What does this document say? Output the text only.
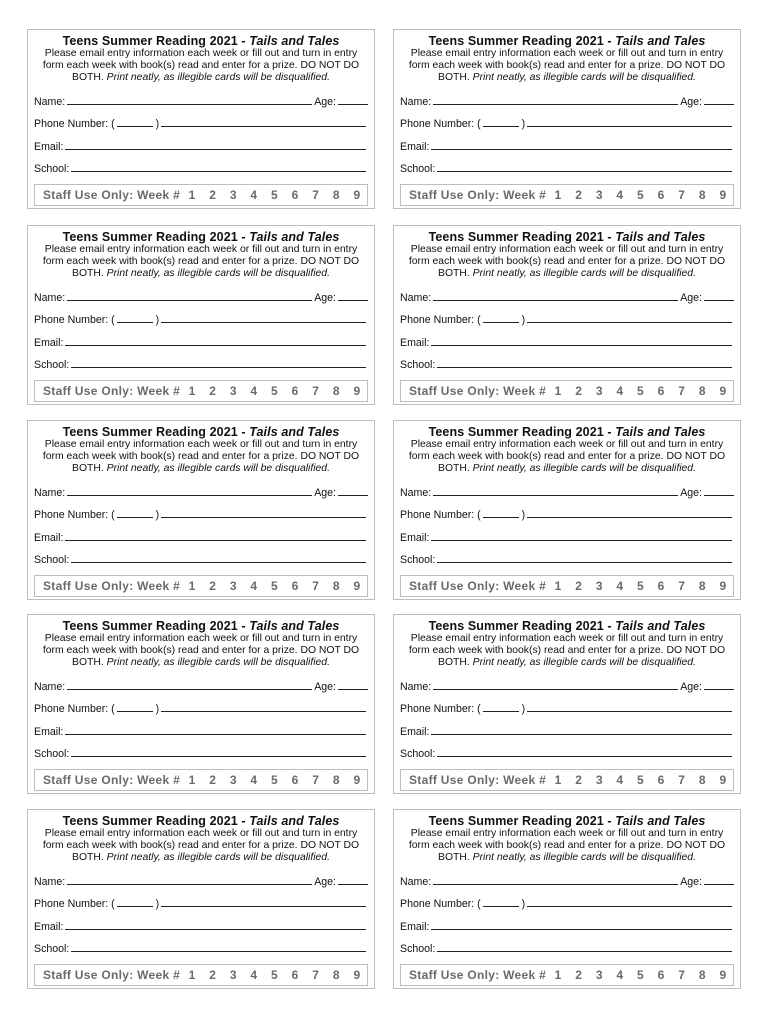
Teens Summer Reading 2021 - Tails and Tales
Please email entry information each week or fill out and turn in entry form each week with book(s) read and enter for a prize. DO NOT DO BOTH. Print neatly, as illegible cards will be disqualified.
Name:	Age:
Phone Number: (	)
Email:
School:
Staff Use Only: Week # 1 2 3 4 5 6 7 8 9
Teens Summer Reading 2021 - Tails and Tales
Please email entry information each week or fill out and turn in entry form each week with book(s) read and enter for a prize. DO NOT DO BOTH. Print neatly, as illegible cards will be disqualified.
Name:	Age:
Phone Number: (	)
Email:
School:
Staff Use Only: Week # 1 2 3 4 5 6 7 8 9
Teens Summer Reading 2021 - Tails and Tales
Please email entry information each week or fill out and turn in entry form each week with book(s) read and enter for a prize. DO NOT DO BOTH. Print neatly, as illegible cards will be disqualified.
Name:	Age:
Phone Number: (	)
Email:
School:
Staff Use Only: Week # 1 2 3 4 5 6 7 8 9
Teens Summer Reading 2021 - Tails and Tales
Please email entry information each week or fill out and turn in entry form each week with book(s) read and enter for a prize. DO NOT DO BOTH. Print neatly, as illegible cards will be disqualified.
Name:	Age:
Phone Number: (	)
Email:
School:
Staff Use Only: Week # 1 2 3 4 5 6 7 8 9
Teens Summer Reading 2021 - Tails and Tales
Please email entry information each week or fill out and turn in entry form each week with book(s) read and enter for a prize. DO NOT DO BOTH. Print neatly, as illegible cards will be disqualified.
Name:	Age:
Phone Number: (	)
Email:
School:
Staff Use Only: Week # 1 2 3 4 5 6 7 8 9
Teens Summer Reading 2021 - Tails and Tales
Please email entry information each week or fill out and turn in entry form each week with book(s) read and enter for a prize. DO NOT DO BOTH. Print neatly, as illegible cards will be disqualified.
Name:	Age:
Phone Number: (	)
Email:
School:
Staff Use Only: Week # 1 2 3 4 5 6 7 8 9
Teens Summer Reading 2021 - Tails and Tales
Please email entry information each week or fill out and turn in entry form each week with book(s) read and enter for a prize. DO NOT DO BOTH. Print neatly, as illegible cards will be disqualified.
Name:	Age:
Phone Number: (	)
Email:
School:
Staff Use Only: Week # 1 2 3 4 5 6 7 8 9
Teens Summer Reading 2021 - Tails and Tales
Please email entry information each week or fill out and turn in entry form each week with book(s) read and enter for a prize. DO NOT DO BOTH. Print neatly, as illegible cards will be disqualified.
Name:	Age:
Phone Number: (	)
Email:
School:
Staff Use Only: Week # 1 2 3 4 5 6 7 8 9
Teens Summer Reading 2021 - Tails and Tales
Please email entry information each week or fill out and turn in entry form each week with book(s) read and enter for a prize. DO NOT DO BOTH. Print neatly, as illegible cards will be disqualified.
Name:	Age:
Phone Number: (	)
Email:
School:
Staff Use Only: Week # 1 2 3 4 5 6 7 8 9
Teens Summer Reading 2021 - Tails and Tales
Please email entry information each week or fill out and turn in entry form each week with book(s) read and enter for a prize. DO NOT DO BOTH. Print neatly, as illegible cards will be disqualified.
Name:	Age:
Phone Number: (	)
Email:
School:
Staff Use Only: Week # 1 2 3 4 5 6 7 8 9
